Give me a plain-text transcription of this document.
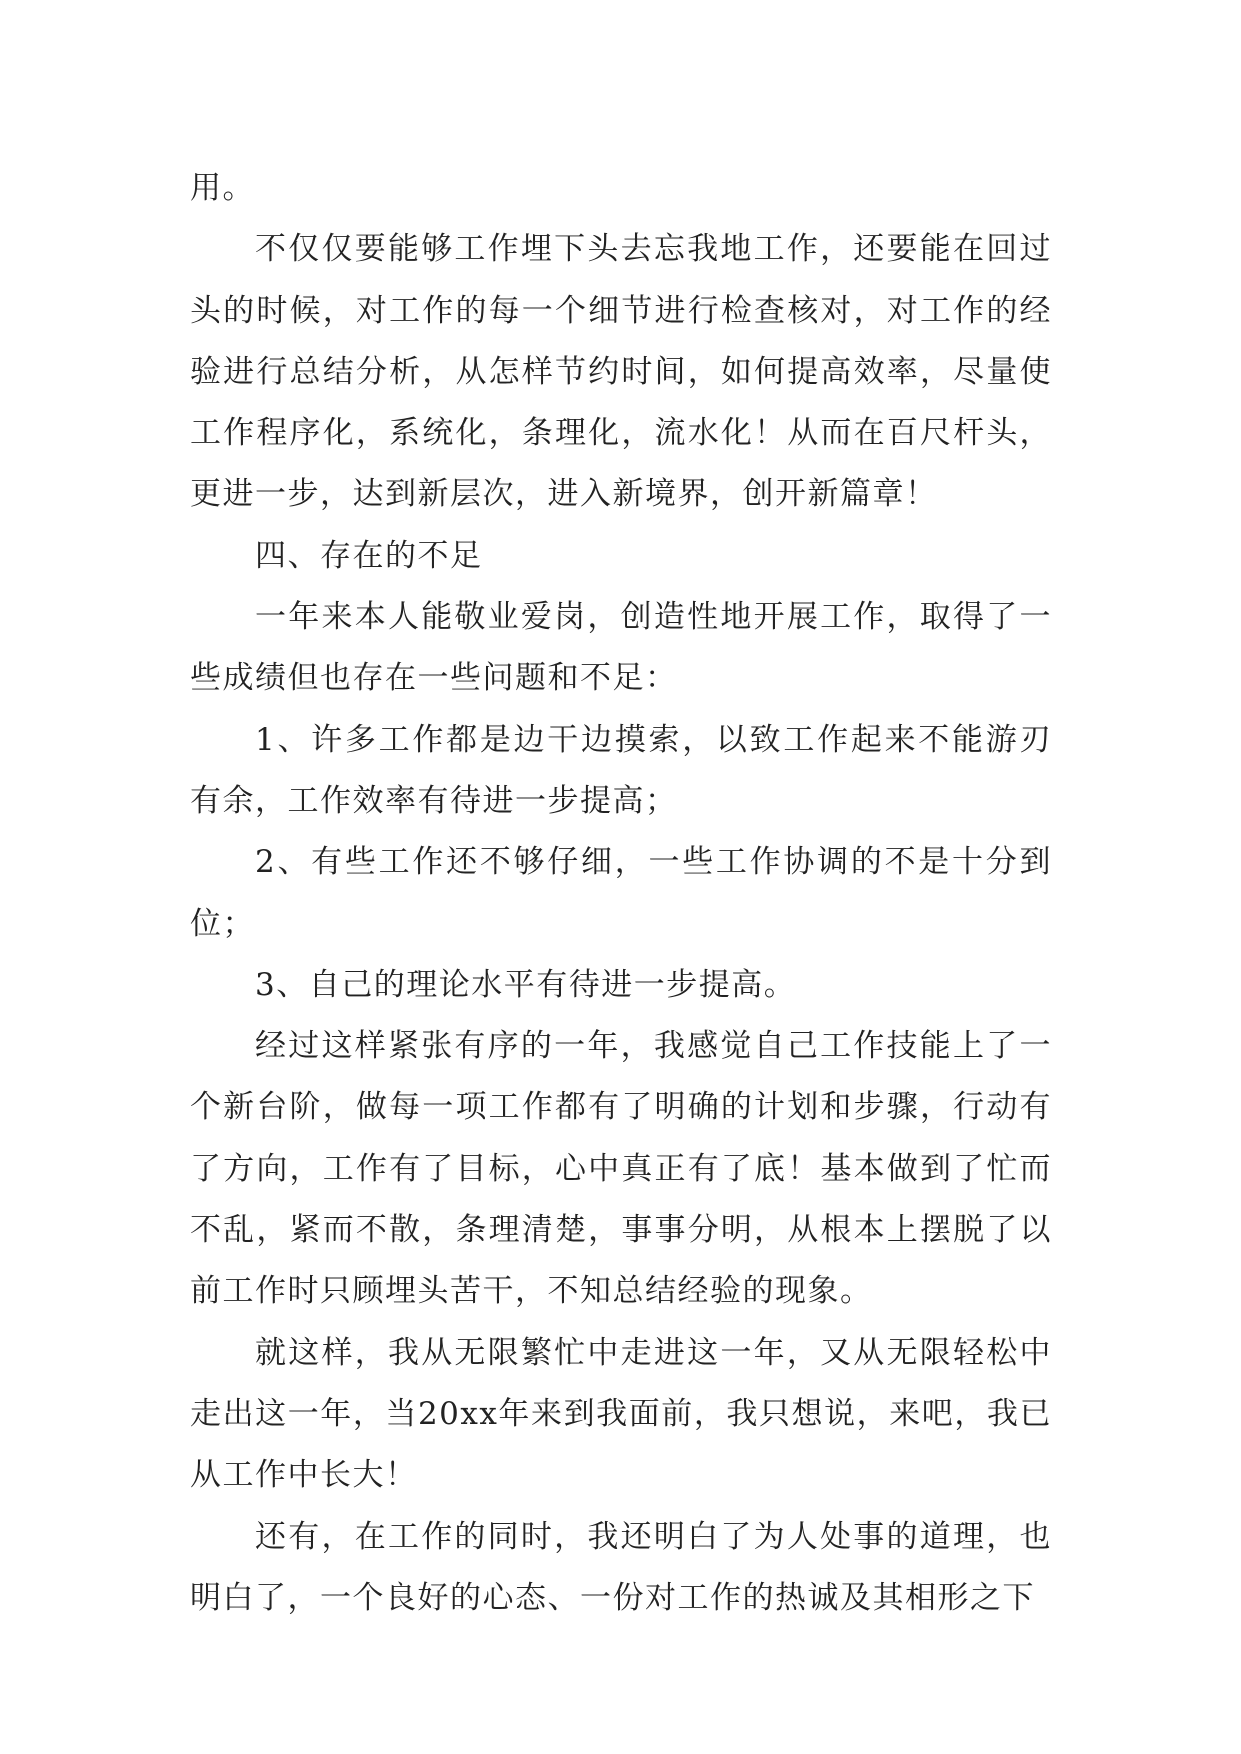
用。

不仅仅要能够工作埋下头去忘我地工作，还要能在回过头的时候，对工作的每一个细节进行检查核对，对工作的经验进行总结分析，从怎样节约时间，如何提高效率，尽量使工作程序化，系统化，条理化，流水化！从而在百尺杆头，更进一步，达到新层次，进入新境界，创开新篇章！

四、存在的不足

一年来本人能敬业爱岗，创造性地开展工作，取得了一些成绩但也存在一些问题和不足：

1、许多工作都是边干边摸索，以致工作起来不能游刃有余，工作效率有待进一步提高；

2、有些工作还不够仔细，一些工作协调的不是十分到位；

3、自己的理论水平有待进一步提高。

经过这样紧张有序的一年，我感觉自己工作技能上了一个新台阶，做每一项工作都有了明确的计划和步骤，行动有了方向，工作有了目标，心中真正有了底！基本做到了忙而不乱，紧而不散，条理清楚，事事分明，从根本上摆脱了以前工作时只顾埋头苦干，不知总结经验的现象。

就这样，我从无限繁忙中走进这一年，又从无限轻松中走出这一年，当20xx年来到我面前，我只想说，来吧，我已从工作中长大！

还有，在工作的同时，我还明白了为人处事的道理，也明白了，一个良好的心态、一份对工作的热诚及其相形之下
